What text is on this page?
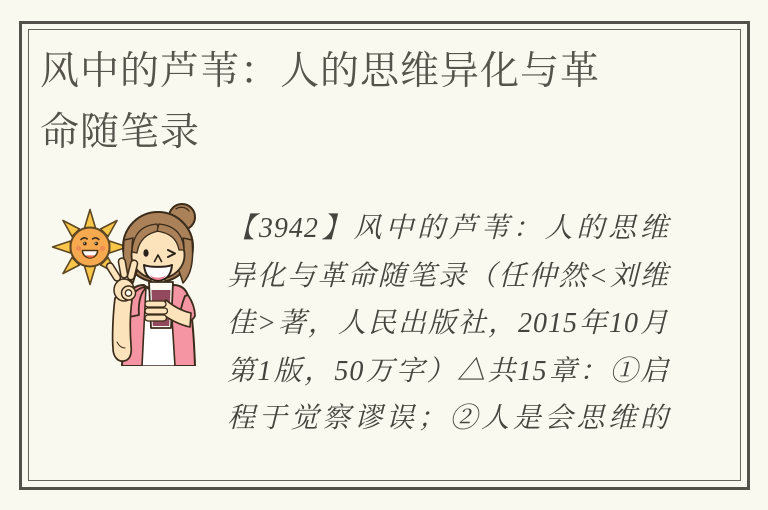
风中的芦苇：人的思维异化与革命随笔录
【3942】风中的芦苇：人的思维
异化与革命随笔录（任仲然<刘维
佳>著，人民出版社，2015年10月
第1版，50万字）△共15章：①启
程于觉察谬误；②人是会思维的
